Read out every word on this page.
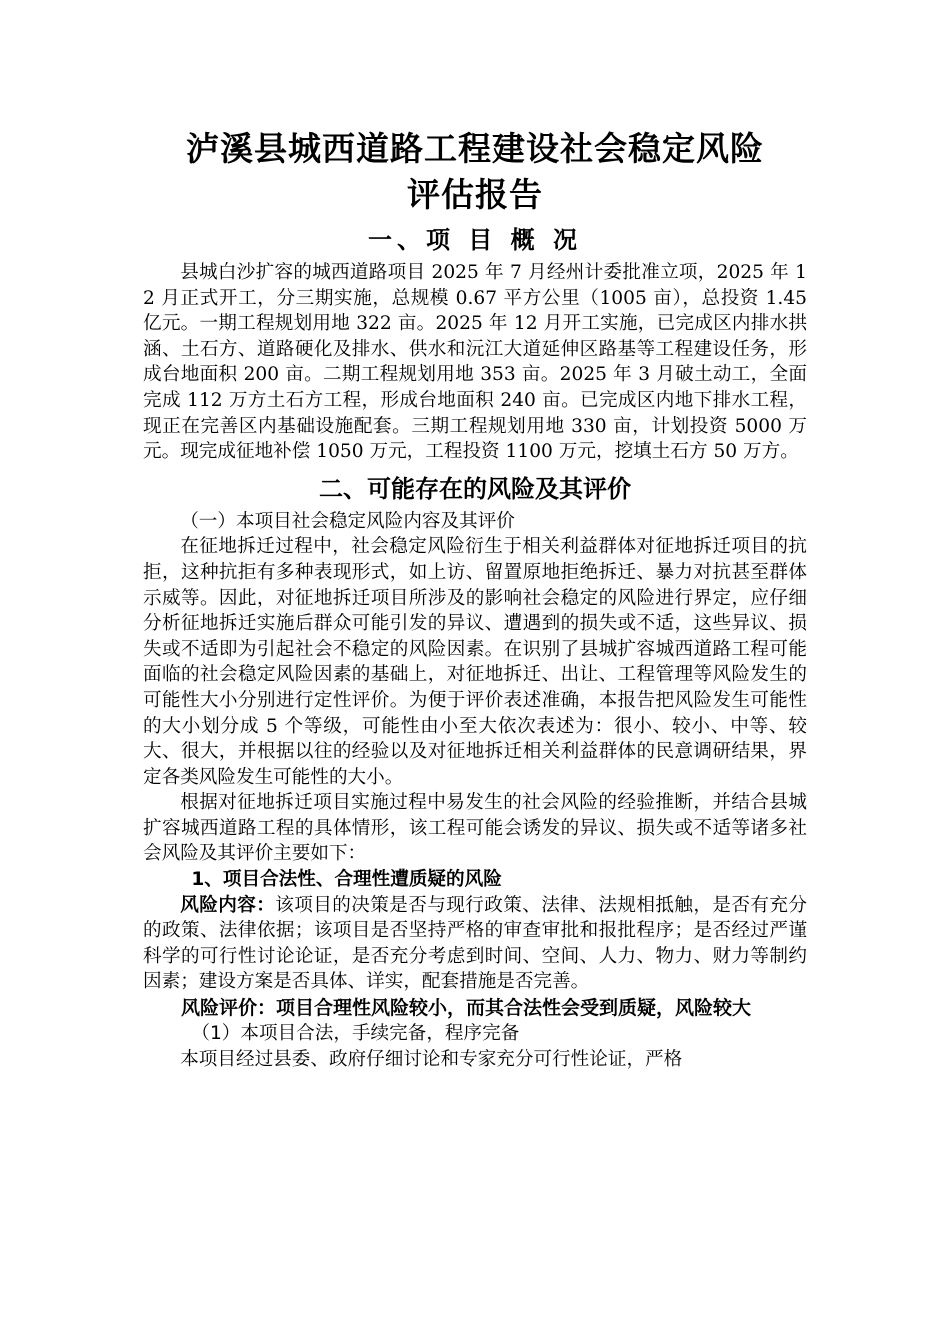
泸溪县城西道路工程建设社会稳定风险
评估报告
一、项 目 概 况

县城白沙扩容的城西道路项目 2025 年 7 月经州计委批准立项，2025 年 12 月正式开工，分三期实施，总规模 0.67 平方公里（1005 亩），总投资 1.45 亿元。一期工程规划用地 322 亩。2025 年 12 月开工实施，已完成区内排水拱涵、土石方、道路硬化及排水、供水和沅江大道延伸区路基等工程建设任务，形成台地面积 200 亩。二期工程规划用地 353 亩。2025 年 3 月破土动工，全面完成 112 万方土石方工程，形成台地面积 240 亩。已完成区内地下排水工程，现正在完善区内基础设施配套。三期工程规划用地 330 亩，计划投资 5000 万元。现完成征地补偿 1050 万元，工程投资 1100 万元，挖填土石方 50 万方。

二、可能存在的风险及其评价
（一）本项目社会稳定风险内容及其评价

在征地拆迁过程中，社会稳定风险衍生于相关利益群体对征地拆迁项目的抗拒，这种抗拒有多种表现形式，如上访、留置原地拒绝拆迁、暴力对抗甚至群体示威等。因此，对征地拆迁项目所涉及的影响社会稳定的风险进行界定，应仔细分析征地拆迁实施后群众可能引发的异议、遭遇到的损失或不适，这些异议、损失或不适即为引起社会不稳定的风险因素。在识别了县城扩容城西道路工程可能面临的社会稳定风险因素的基础上，对征地拆迁、出让、工程管理等风险发生的可能性大小分别进行定性评价。为便于评价表述准确，本报告把风险发生可能性的大小划分成 5 个等级，可能性由小至大依次表述为：很小、较小、中等、较大、很大，并根据以往的经验以及对征地拆迁相关利益群体的民意调研结果，界定各类风险发生可能性的大小。

根据对征地拆迁项目实施过程中易发生的社会风险的经验推断，并结合县城扩容城西道路工程的具体情形，该工程可能会诱发的异议、损失或不适等诸多社会风险及其评价主要如下：

1、项目合法性、合理性遭质疑的风险

风险内容：该项目的决策是否与现行政策、法律、法规相抵触，是否有充分的政策、法律依据；该项目是否坚持严格的审查审批和报批程序；是否经过严谨科学的可行性讨论论证，是否充分考虑到时间、空间、人力、物力、财力等制约因素；建设方案是否具体、详实，配套措施是否完善。

风险评价：项目合理性风险较小，而其合法性会受到质疑，风险较大
（1）本项目合法，手续完备，程序完备

本项目经过县委、政府仔细讨论和专家充分可行性论证，严格
